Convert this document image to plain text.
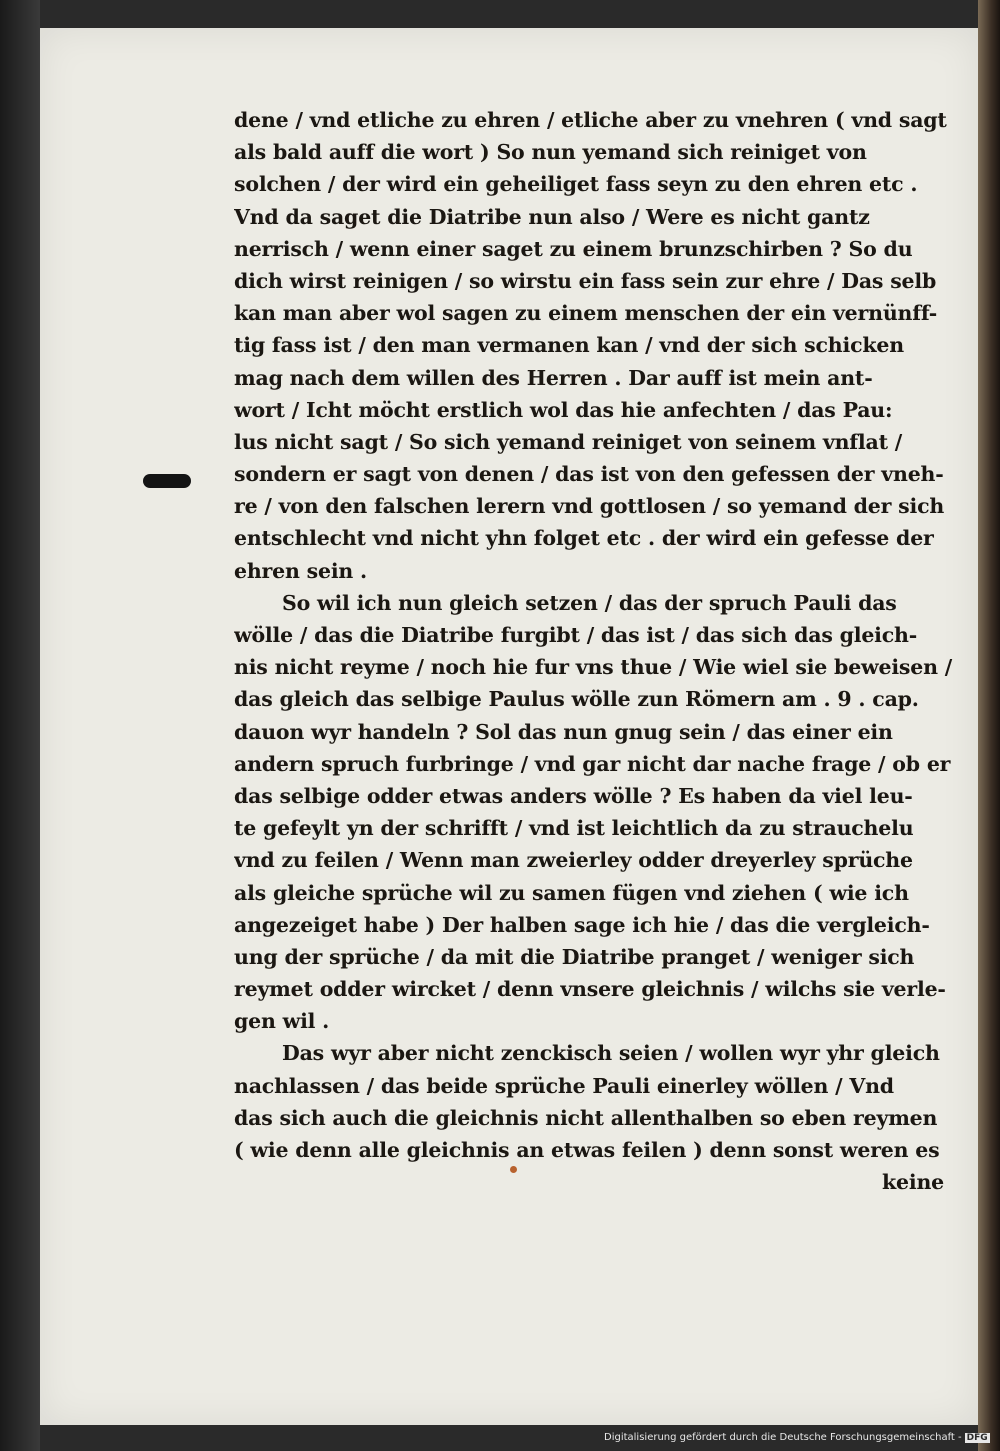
dene / vnd etliche zu ehren / etliche aber zu vnehren ( vnd sagt
als bald auff die wort ) So nun yemand sich reiniget von
solchen / der wird ein geheiliget fass seyn zu den ehren etc .
Vnd da saget die Diatribe nun also / Were es nicht gantz
nerrisch / wenn einer saget zu einem brunzschirben ? So du
dich wirst reinigen / so wirstu ein fass sein zur ehre / Das selb
kan man aber wol sagen zu einem menschen der ein vernünff-
tig fass ist / den man vermanen kan / vnd der sich schicken
mag nach dem willen des Herren . Dar auff ist mein ant-
wort / Icht möcht erstlich wol das hie anfechten / das Pau:
lus nicht sagt / So sich yemand reiniget von seinem vnflat /
sondern er sagt von denen / das ist von den gefessen der vneh-
re / von den falschen lerern vnd gottlosen / so yemand der sich
entschlecht vnd nicht yhn folget etc . der wird ein gefesse der
ehren sein .
So wil ich nun gleich setzen / das der spruch Pauli das
wölle / das die Diatribe furgibt / das ist / das sich das gleich-
nis nicht reyme / noch hie fur vns thue / Wie wiel sie beweisen /
das gleich das selbige Paulus wölle zun Römern am . 9 . cap.
dauon wyr handeln ? Sol das nun gnug sein / das einer ein
andern spruch furbringe / vnd gar nicht dar nache frage / ob er
das selbige odder etwas anders wölle ? Es haben da viel leu-
te gefeylt yn der schrifft / vnd ist leichtlich da zu strauchelu
vnd zu feilen / Wenn man zweierley odder dreyerley sprüche
als gleiche sprüche wil zu samen fügen vnd ziehen ( wie ich
angezeiget habe ) Der halben sage ich hie / das die vergleich-
ung der sprüche / da mit die Diatribe pranget / weniger sich
reymet odder wircket / denn vnsere gleichnis / wilchs sie verle-
gen wil .
Das wyr aber nicht zenckisch seien / wollen wyr yhr gleich
nachlassen / das beide sprüche Pauli einerley wöllen / Vnd
das sich auch die gleichnis nicht allenthalben so eben reymen
( wie denn alle gleichnis an etwas feilen ) denn sonst weren es
keine
Digitalisierung gefördert durch die Deutsche Forschungsgemeinschaft - DFG
